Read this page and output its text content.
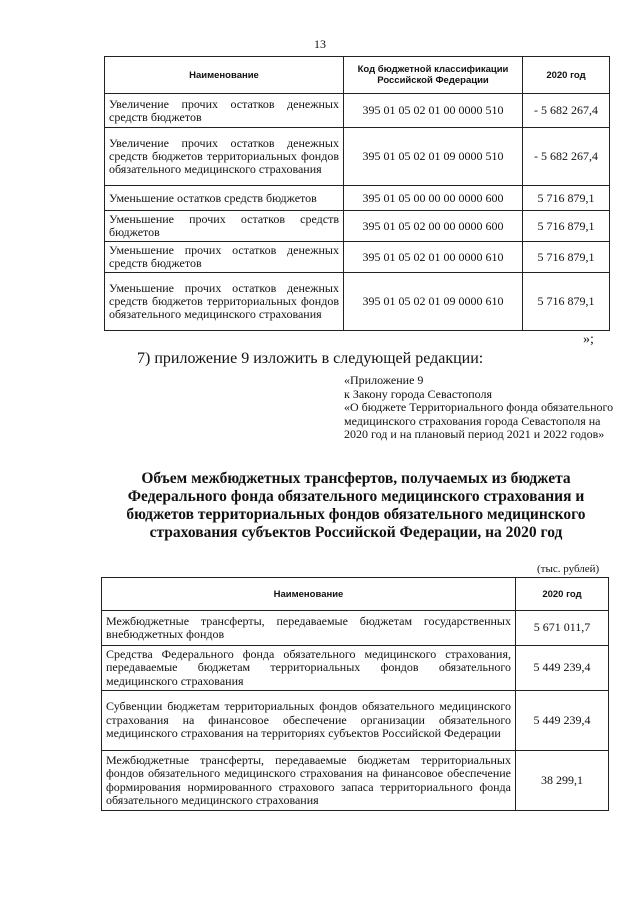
13
Наименование	Код бюджетной классификации Российской Федерации	2020 год
Увеличение прочих остатков денежных средств бюджетов	395 01 05 02 01 00 0000 510	- 5 682 267,4
Увеличение прочих остатков денежных средств бюджетов территориальных фондов обязательного медицинского страхования	395 01 05 02 01 09 0000 510	- 5 682 267,4
Уменьшение остатков средств бюджетов	395 01 05 00 00 00 0000 600	5 716 879,1
Уменьшение прочих остатков средств бюджетов	395 01 05 02 00 00 0000 600	5 716 879,1
Уменьшение прочих остатков денежных средств бюджетов	395 01 05 02 01 00 0000 610	5 716 879,1
Уменьшение прочих остатков денежных средств бюджетов территориальных фондов обязательного медицинского страхования	395 01 05 02 01 09 0000 610	5 716 879,1
»;
7) приложение 9 изложить в следующей редакции:
«Приложение 9
к Закону города Севастополя
«О бюджете Территориального фонда обязательного медицинского страхования города Севастополя на 2020 год и на плановый период 2021 и 2022 годов»
Объем межбюджетных трансфертов, получаемых из бюджета Федерального фонда обязательного медицинского страхования и бюджетов территориальных фондов обязательного медицинского страхования субъектов Российской Федерации, на 2020 год
(тыс. рублей)
Наименование	2020 год
Межбюджетные трансферты, передаваемые бюджетам государственных внебюджетных фондов	5 671 011,7
Средства Федерального фонда обязательного медицинского страхования, передаваемые бюджетам территориальных фондов обязательного медицинского страхования	5 449 239,4
Субвенции бюджетам территориальных фондов обязательного медицинского страхования на финансовое обеспечение организации обязательного медицинского страхования на территориях субъектов Российской Федерации	5 449 239,4
Межбюджетные трансферты, передаваемые бюджетам территориальных фондов обязательного медицинского страхования на финансовое обеспечение формирования нормированного страхового запаса территориального фонда обязательного медицинского страхования	38 299,1
